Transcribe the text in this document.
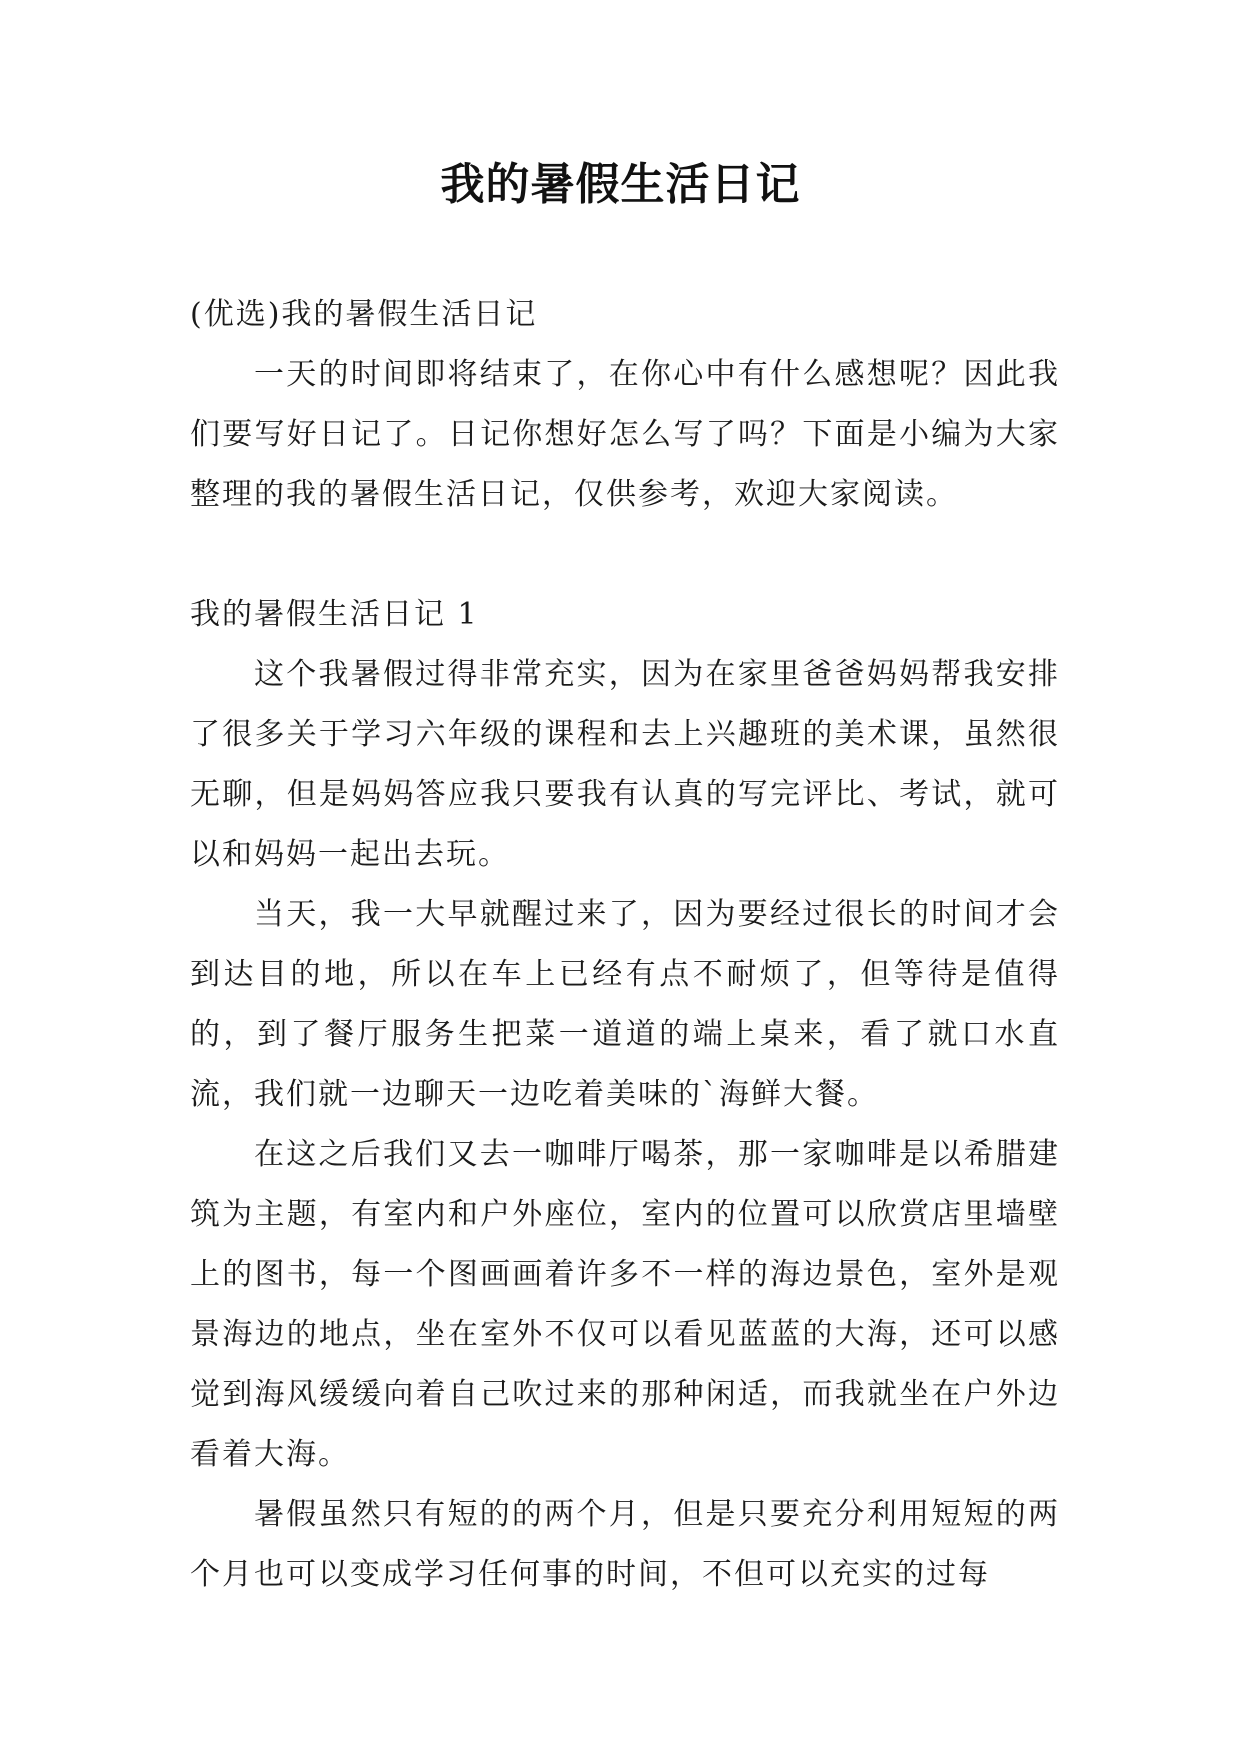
我的暑假生活日记

(优选)我的暑假生活日记

一天的时间即将结束了，在你心中有什么感想呢？因此我们要写好日记了。日记你想好怎么写了吗？下面是小编为大家整理的我的暑假生活日记，仅供参考，欢迎大家阅读。

我的暑假生活日记 1

这个我暑假过得非常充实，因为在家里爸爸妈妈帮我安排了很多关于学习六年级的课程和去上兴趣班的美术课，虽然很无聊，但是妈妈答应我只要我有认真的写完评比、考试，就可以和妈妈一起出去玩。

当天，我一大早就醒过来了，因为要经过很长的时间才会到达目的地，所以在车上已经有点不耐烦了，但等待是值得的，到了餐厅服务生把菜一道道的端上桌来，看了就口水直流，我们就一边聊天一边吃着美味的`海鲜大餐。

在这之后我们又去一咖啡厅喝茶，那一家咖啡是以希腊建筑为主题，有室内和户外座位，室内的位置可以欣赏店里墙壁上的图书，每一个图画画着许多不一样的海边景色，室外是观景海边的地点，坐在室外不仅可以看见蓝蓝的大海，还可以感觉到海风缓缓向着自己吹过来的那种闲适，而我就坐在户外边看着大海。

暑假虽然只有短的的两个月，但是只要充分利用短短的两个月也可以变成学习任何事的时间，不但可以充实的过每
